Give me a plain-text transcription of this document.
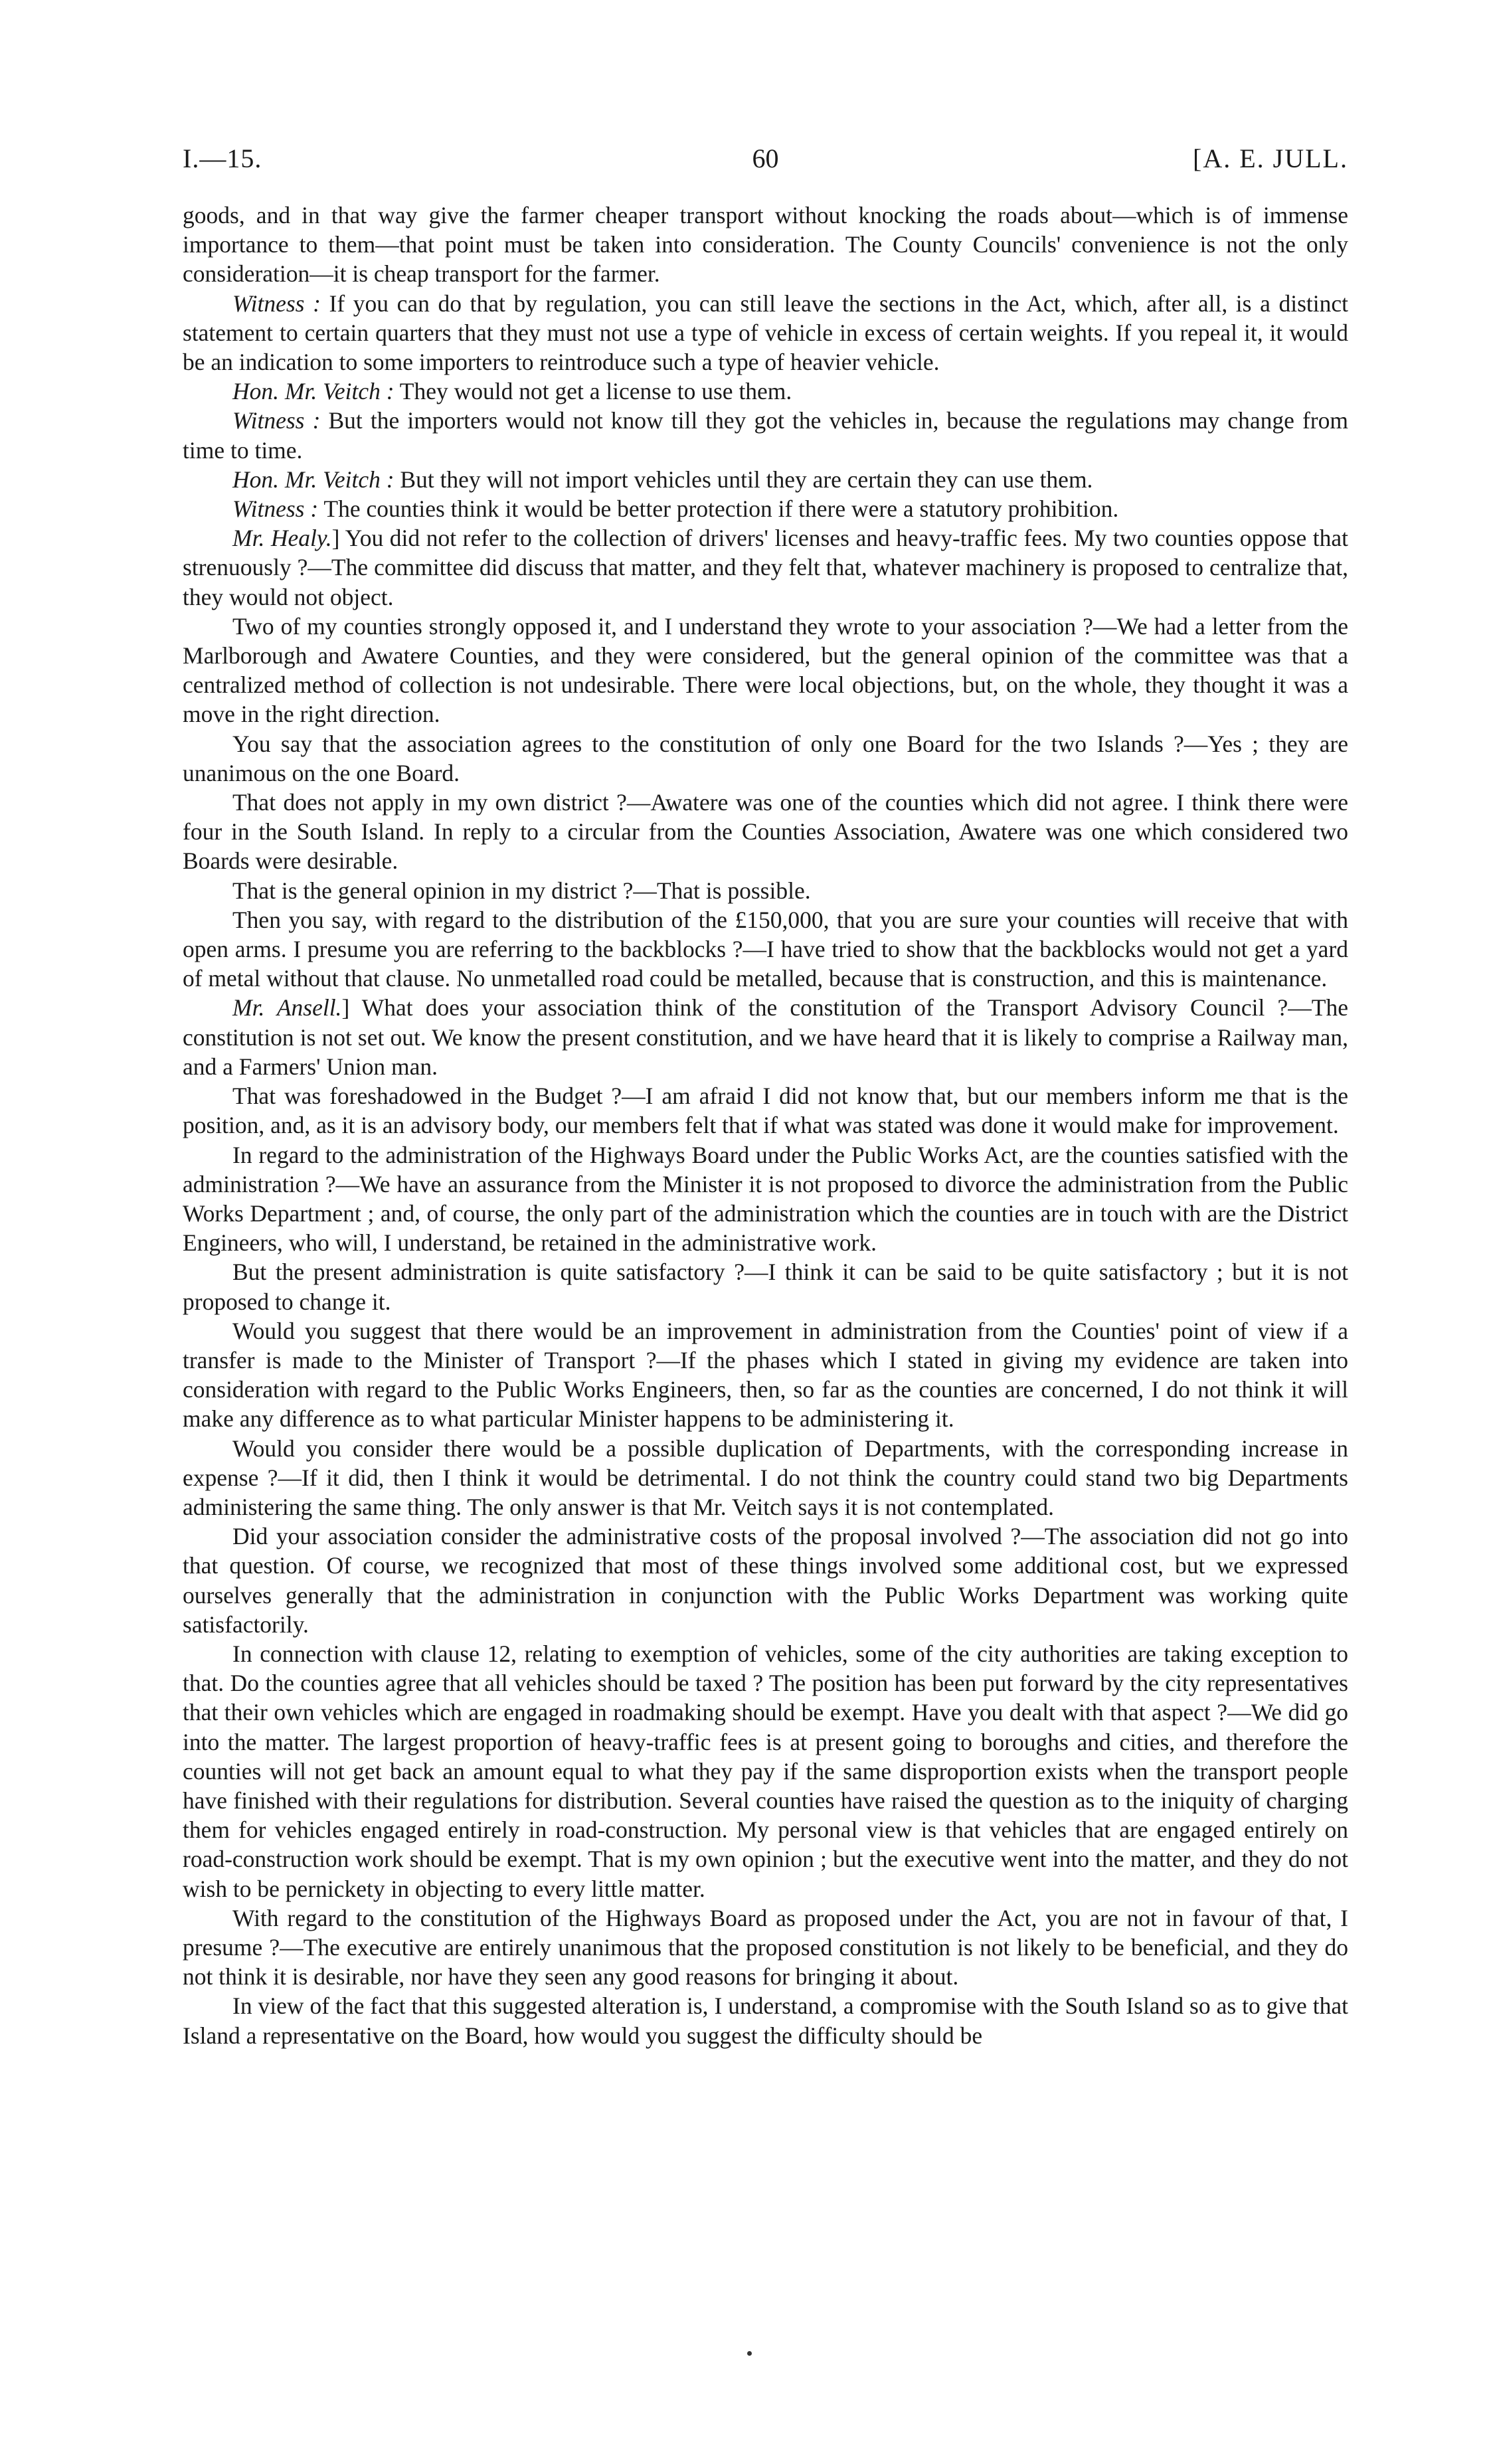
I.—15.	60	[A. E. JULL.

goods, and in that way give the farmer cheaper transport without knocking the roads about—which is of immense importance to them—that point must be taken into consideration. The County Councils' convenience is not the only consideration—it is cheap transport for the farmer.

Witness : If you can do that by regulation, you can still leave the sections in the Act, which, after all, is a distinct statement to certain quarters that they must not use a type of vehicle in excess of certain weights. If you repeal it, it would be an indication to some importers to reintroduce such a type of heavier vehicle.

Hon. Mr. Veitch : They would not get a license to use them.

Witness : But the importers would not know till they got the vehicles in, because the regulations may change from time to time.

Hon. Mr. Veitch : But they will not import vehicles until they are certain they can use them.

Witness : The counties think it would be better protection if there were a statutory prohibition.

Mr. Healy.] You did not refer to the collection of drivers' licenses and heavy-traffic fees. My two counties oppose that strenuously ?—The committee did discuss that matter, and they felt that, whatever machinery is proposed to centralize that, they would not object.

Two of my counties strongly opposed it, and I understand they wrote to your association ?—We had a letter from the Marlborough and Awatere Counties, and they were considered, but the general opinion of the committee was that a centralized method of collection is not undesirable. There were local objections, but, on the whole, they thought it was a move in the right direction.

You say that the association agrees to the constitution of only one Board for the two Islands ?—Yes ; they are unanimous on the one Board.

That does not apply in my own district ?—Awatere was one of the counties which did not agree. I think there were four in the South Island. In reply to a circular from the Counties Association, Awatere was one which considered two Boards were desirable.

That is the general opinion in my district ?—That is possible.

Then you say, with regard to the distribution of the £150,000, that you are sure your counties will receive that with open arms. I presume you are referring to the backblocks ?—I have tried to show that the backblocks would not get a yard of metal without that clause. No unmetalled road could be metalled, because that is construction, and this is maintenance.

Mr. Ansell.] What does your association think of the constitution of the Transport Advisory Council ?—The constitution is not set out. We know the present constitution, and we have heard that it is likely to comprise a Railway man, and a Farmers' Union man.

That was foreshadowed in the Budget ?—I am afraid I did not know that, but our members inform me that is the position, and, as it is an advisory body, our members felt that if what was stated was done it would make for improvement.

In regard to the administration of the Highways Board under the Public Works Act, are the counties satisfied with the administration ?—We have an assurance from the Minister it is not proposed to divorce the administration from the Public Works Department ; and, of course, the only part of the administration which the counties are in touch with are the District Engineers, who will, I understand, be retained in the administrative work.

But the present administration is quite satisfactory ?—I think it can be said to be quite satisfactory ; but it is not proposed to change it.

Would you suggest that there would be an improvement in administration from the Counties' point of view if a transfer is made to the Minister of Transport ?—If the phases which I stated in giving my evidence are taken into consideration with regard to the Public Works Engineers, then, so far as the counties are concerned, I do not think it will make any difference as to what particular Minister happens to be administering it.

Would you consider there would be a possible duplication of Departments, with the corresponding increase in expense ?—If it did, then I think it would be detrimental. I do not think the country could stand two big Departments administering the same thing. The only answer is that Mr. Veitch says it is not contemplated.

Did your association consider the administrative costs of the proposal involved ?—The association did not go into that question. Of course, we recognized that most of these things involved some additional cost, but we expressed ourselves generally that the administration in conjunction with the Public Works Department was working quite satisfactorily.

In connection with clause 12, relating to exemption of vehicles, some of the city authorities are taking exception to that. Do the counties agree that all vehicles should be taxed ? The position has been put forward by the city representatives that their own vehicles which are engaged in roadmaking should be exempt. Have you dealt with that aspect ?—We did go into the matter. The largest proportion of heavy-traffic fees is at present going to boroughs and cities, and therefore the counties will not get back an amount equal to what they pay if the same disproportion exists when the transport people have finished with their regulations for distribution. Several counties have raised the question as to the iniquity of charging them for vehicles engaged entirely in road-construction. My personal view is that vehicles that are engaged entirely on road-construction work should be exempt. That is my own opinion ; but the executive went into the matter, and they do not wish to be pernickety in objecting to every little matter.

With regard to the constitution of the Highways Board as proposed under the Act, you are not in favour of that, I presume ?—The executive are entirely unanimous that the proposed constitution is not likely to be beneficial, and they do not think it is desirable, nor have they seen any good reasons for bringing it about.

In view of the fact that this suggested alteration is, I understand, a compromise with the South Island so as to give that Island a representative on the Board, how would you suggest the difficulty should be
